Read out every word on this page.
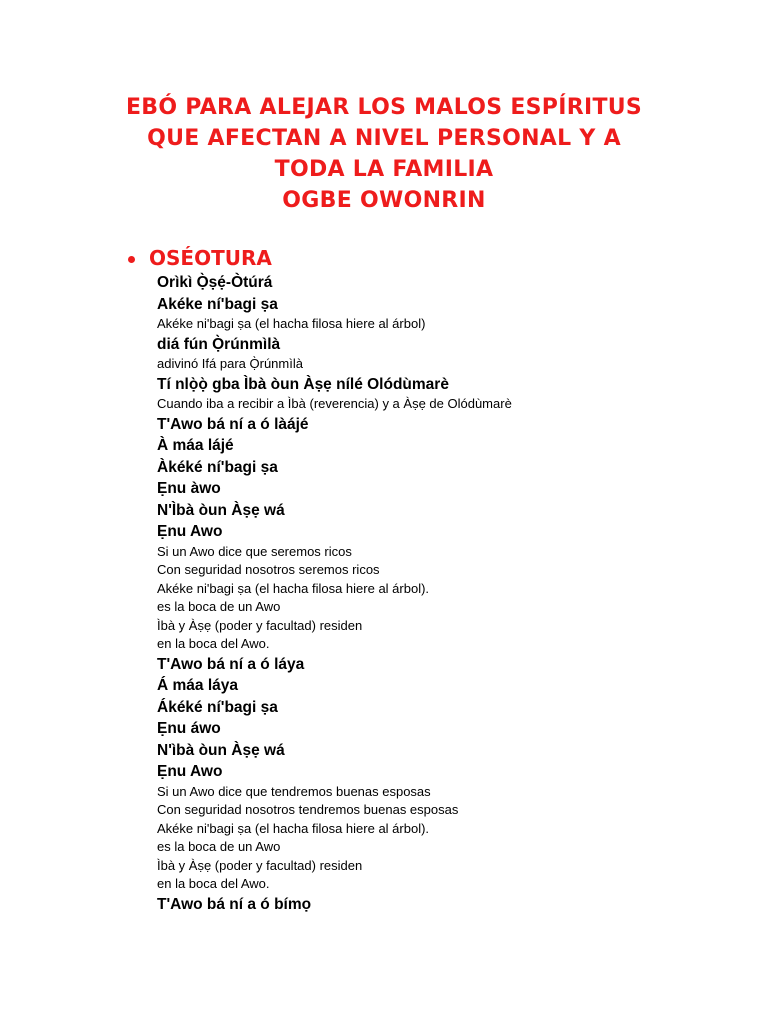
EBÓ PARA ALEJAR LOS MALOS ESPÍRITUS
QUE AFECTAN A NIVEL PERSONAL Y A
TODA LA FAMILIA
OGBE OWONRIN
OSÉOTURA
Orìkì Ọ̀ṣẹ́-Òtúrá
Akéke ní'bagi ṣa
Akéke ni'bagi ṣa (el hacha filosa hiere al árbol)
diá fún Ọ̀rúnmìlà
adivinó Ifá para Ọ̀rúnmìlà
Tí nlọ̀ọ̀ gba Ìbà òun Àṣẹ nílé Olódùmarè
Cuando iba a recibir a Ìbà (reverencia) y a Àṣẹ de Olódùmarè
T'Awo bá ní a ó làájé
À máa lájé
Àkéké ní'bagi ṣa
Ẹnu àwo
N'Ìbà òun Àṣẹ wá
Ẹnu Awo
Si un Awo dice que seremos ricos
Con seguridad nosotros seremos ricos
Akéke ni'bagi ṣa (el hacha filosa hiere al árbol).
es la boca de un Awo
Ìbà y Àṣẹ (poder y facultad) residen
en la boca del Awo.
T'Awo bá ní a ó láya
Á máa láya
Ákéké ní'bagi ṣa
Ẹnu áwo
N'ìbà òun Àṣẹ wá
Ẹnu Awo
Si un Awo dice que tendremos buenas esposas
Con seguridad nosotros tendremos buenas esposas
Akéke ni'bagi ṣa (el hacha filosa hiere al árbol).
es la boca de un Awo
Ìbà y Àṣẹ (poder y facultad) residen
en la boca del Awo.
T'Awo bá ní a ó bímọ
